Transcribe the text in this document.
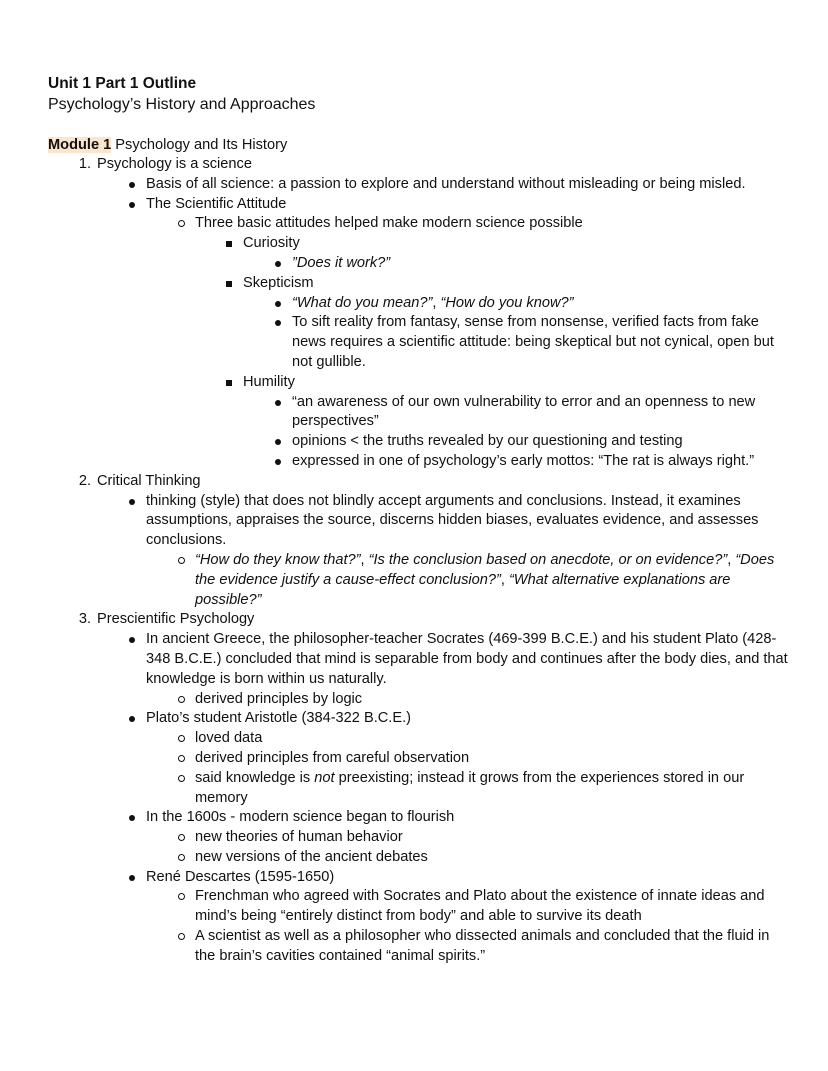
Unit 1 Part 1 Outline

Psychology’s History and Approaches

Module 1 Psychology and Its History

1. Psychology is a science
Basis of all science: a passion to explore and understand without misleading or being misled.
The Scientific Attitude
Three basic attitudes helped make modern science possible
Curiosity
”Does it work?”
Skepticism
“What do you mean?”, “How do you know?”
To sift reality from fantasy, sense from nonsense, verified facts from fake news requires a scientific attitude: being skeptical but not cynical, open but not gullible.
Humility
“an awareness of our own vulnerability to error and an openness to new perspectives”
opinions < the truths revealed by our questioning and testing
expressed in one of psychology’s early mottos: “The rat is always right.”
2. Critical Thinking
thinking (style) that does not blindly accept arguments and conclusions. Instead, it examines assumptions, appraises the source, discerns hidden biases, evaluates evidence, and assesses conclusions.
“How do they know that?”, “Is the conclusion based on anecdote, or on evidence?”, “Does the evidence justify a cause-effect conclusion?”, “What alternative explanations are possible?”
3. Prescientific Psychology
In ancient Greece, the philosopher-teacher Socrates (469-399 B.C.E.) and his student Plato (428-348 B.C.E.) concluded that mind is separable from body and continues after the body dies, and that knowledge is born within us naturally.
derived principles by logic
Plato’s student Aristotle (384-322 B.C.E.)
loved data
derived principles from careful observation
said knowledge is not preexisting; instead it grows from the experiences stored in our memory
In the 1600s - modern science began to flourish
new theories of human behavior
new versions of the ancient debates
René Descartes (1595-1650)
Frenchman who agreed with Socrates and Plato about the existence of innate ideas and mind’s being “entirely distinct from body” and able to survive its death
A scientist as well as a philosopher who dissected animals and concluded that the fluid in the brain’s cavities contained “animal spirits.”
